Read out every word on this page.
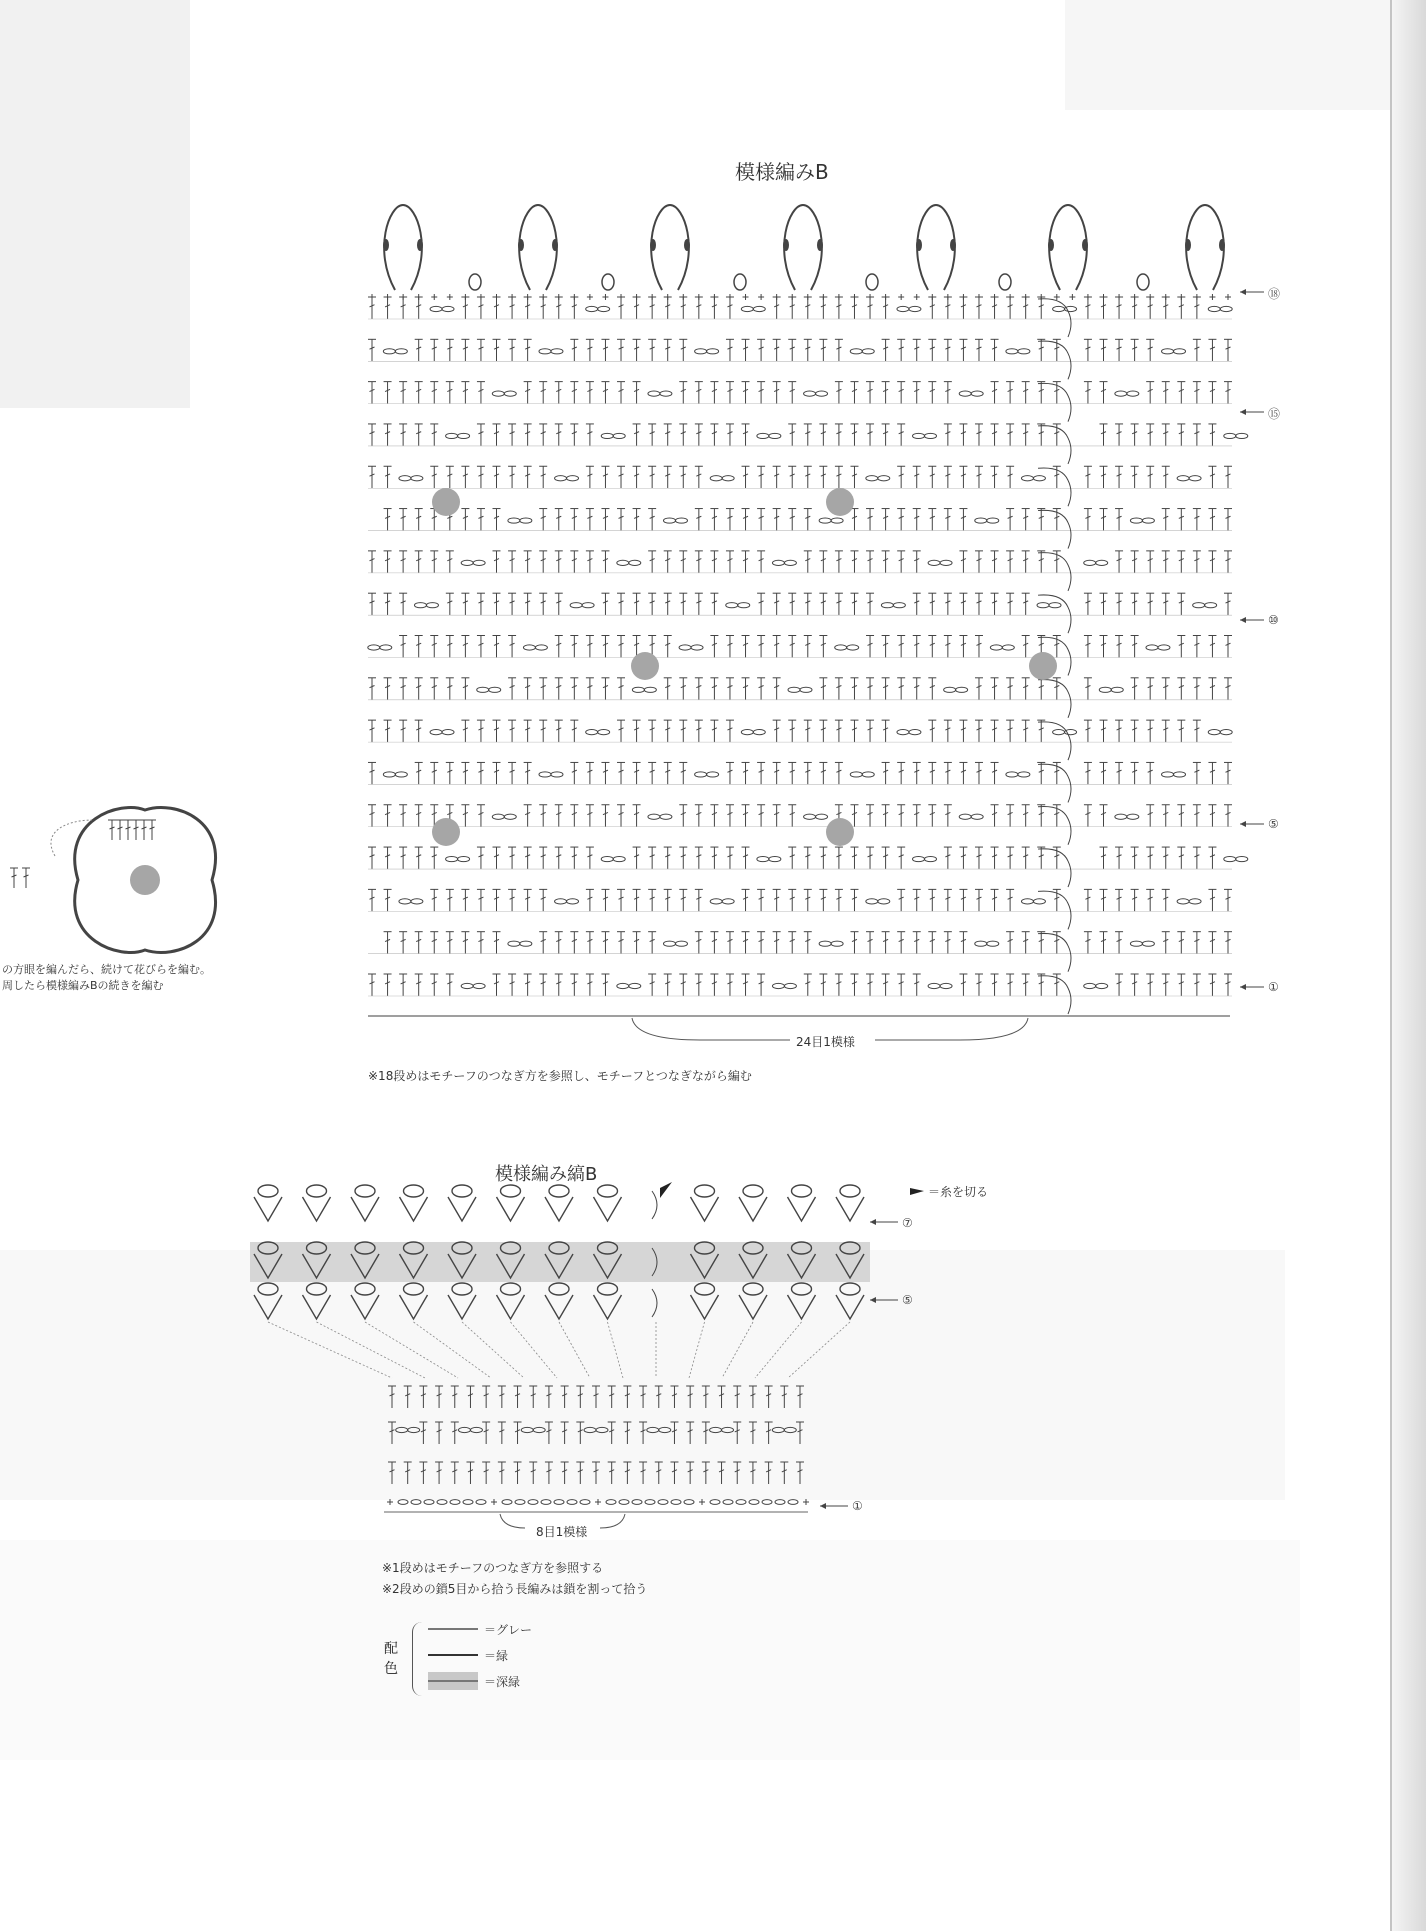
模様編みB
⑱
⑮
⑩
⑤
①
24目1模様
※18段めはモチーフのつなぎ方を参照し、モチーフとつなぎながら編む
の方眼を編んだら、続けて花びらを編む。
周したら模様編みBの続きを編む
模様編み縞B
＝糸を切る
⑦
⑤
①
8目1模様
※1段めはモチーフのつなぎ方を参照する
※2段めの鎖5目から拾う長編みは鎖を割って拾う
配
色
＝グレー
＝緑
＝深緑
